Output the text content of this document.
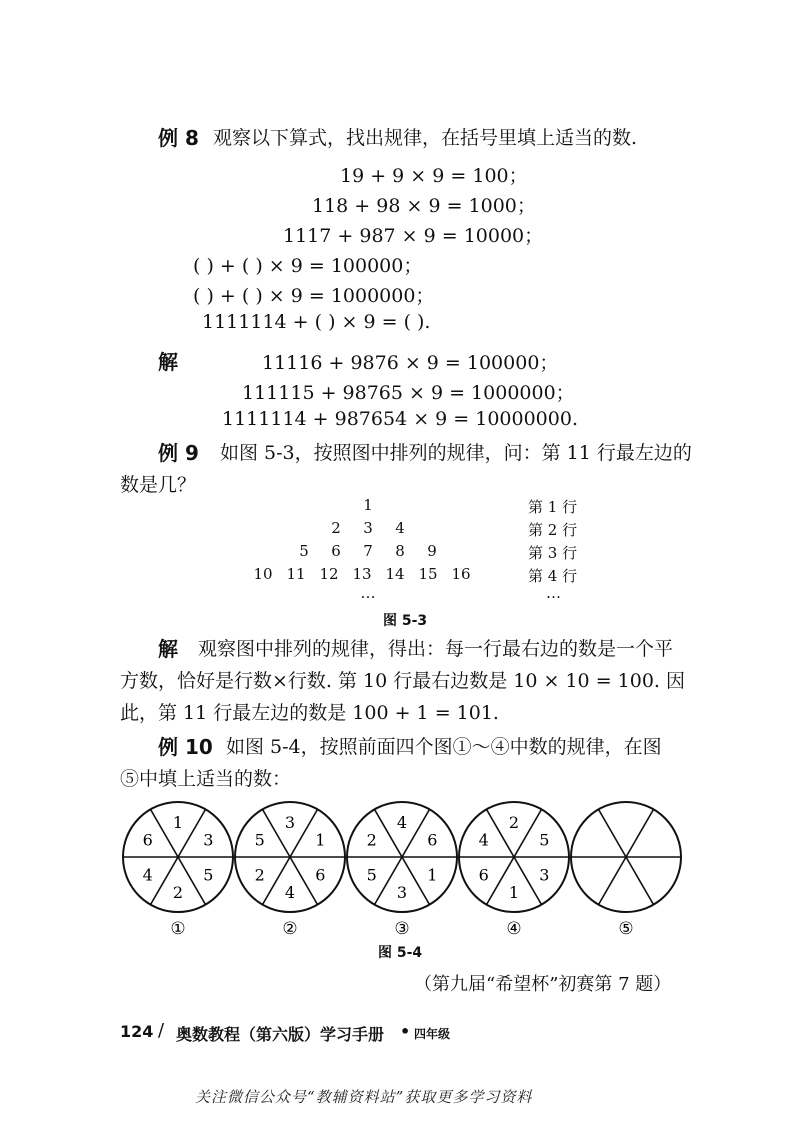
例 8 观察以下算式，找出规律，在括号里填上适当的数.
19 + 9 × 9 = 100；
118 + 98 × 9 = 1000；
1117 + 987 × 9 = 10000；
( ) + ( ) × 9 = 100000；
( ) + ( ) × 9 = 1000000；
1111114 + ( ) × 9 = ( ).
解	11116 + 9876 × 9 = 100000；
111115 + 98765 × 9 = 1000000；
1111114 + 987654 × 9 = 10000000.
例 9 如图 5-3，按照图中排列的规律，问：第 11 行最左边的
数是几？
1
2	3	4
5	6	7	8	9
10 11 12 13 14 15 16
…
第 1 行
第 2 行
第 3 行
第 4 行
…
图 5-3
解 观察图中排列的规律，得出：每一行最右边的数是一个平
方数，恰好是行数×行数. 第 10 行最右边数是 10 × 10 = 100. 因
此，第 11 行最左边的数是 100 + 1 = 101.
例 10 如图 5-4，按照前面四个图①～④中数的规律，在图
⑤中填上适当的数：
1
3
5
2
4
6
①
3
1
6
4
2
5
②
4
6
1
3
5
2
③
2
5
3
1
6
4
④	⑤
图 5-4
（第九届“希望杯”初赛第 7 题）
124 / 奥数教程（第六版）学习手册 • 四年级
关注微信公众号“教辅资料站”获取更多学习资料
